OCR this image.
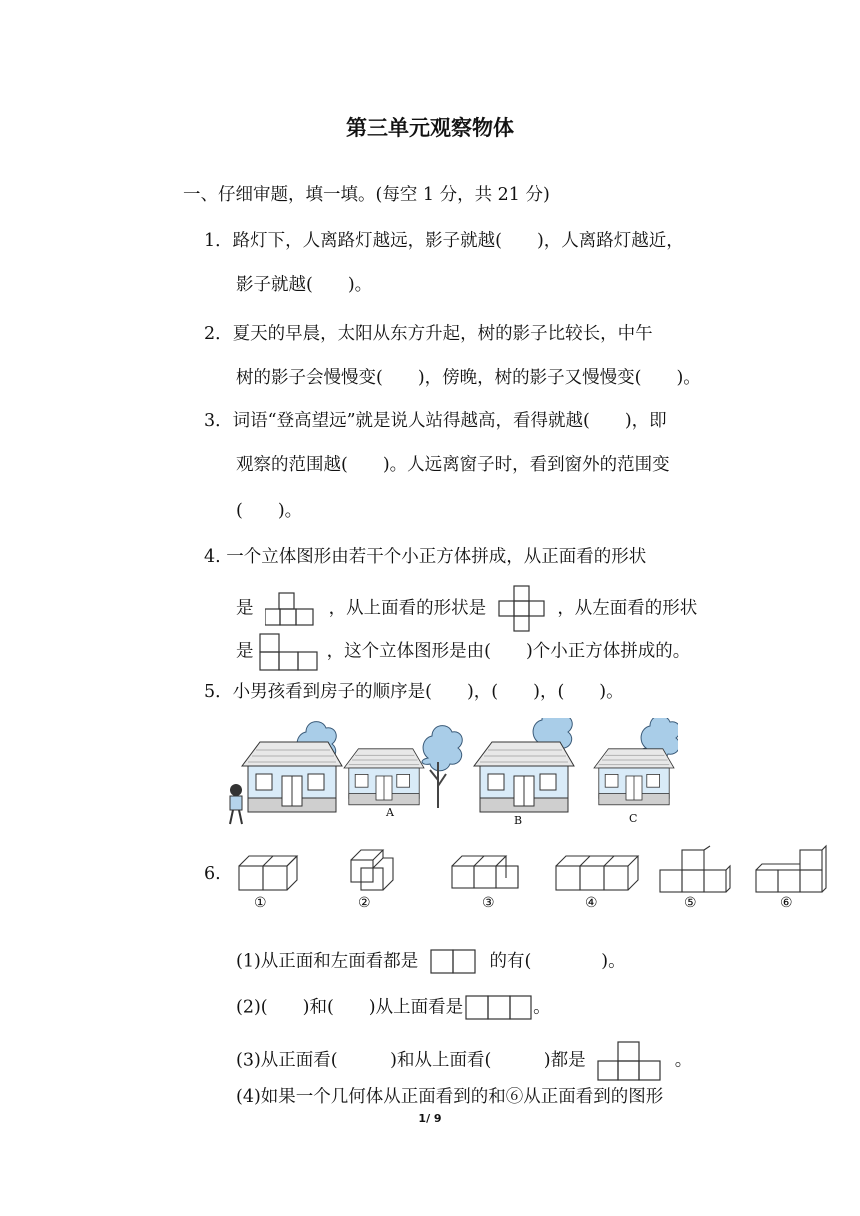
第三单元观察物体
一、仔细审题，填一填。(每空 1 分，共 21 分)
1．路灯下，人离路灯越远，影子就越(　　)，人离路灯越近，
影子就越(　　)。
2．夏天的早晨，太阳从东方升起，树的影子比较长，中午
树的影子会慢慢变(　　)，傍晚，树的影子又慢慢变(　　)。
3．词语“登高望远”就是说人站得越高，看得就越(　　)，即
观察的范围越(　　)。人远离窗子时，看到窗外的范围变
(　　)。
4. 一个立体图形由若干个小正方体拼成，从正面看的形状
是	，从上面看的形状是	，从左面看的形状
是	，这个立体图形是由(　　)个小正方体拼成的。
5．小男孩看到房子的顺序是(　　)，(　　)，(　　)。
A
B	C
6.
①	②	③	④	⑤	⑥
(1)从正面和左面看都是	的有(　　　　)。
(2)(　　)和(　　)从上面看是	。
(3)从正面看(　　　)和从上面看(　　　)都是	。
(4)如果一个几何体从正面看到的和⑥从正面看到的图形
1/ 9
